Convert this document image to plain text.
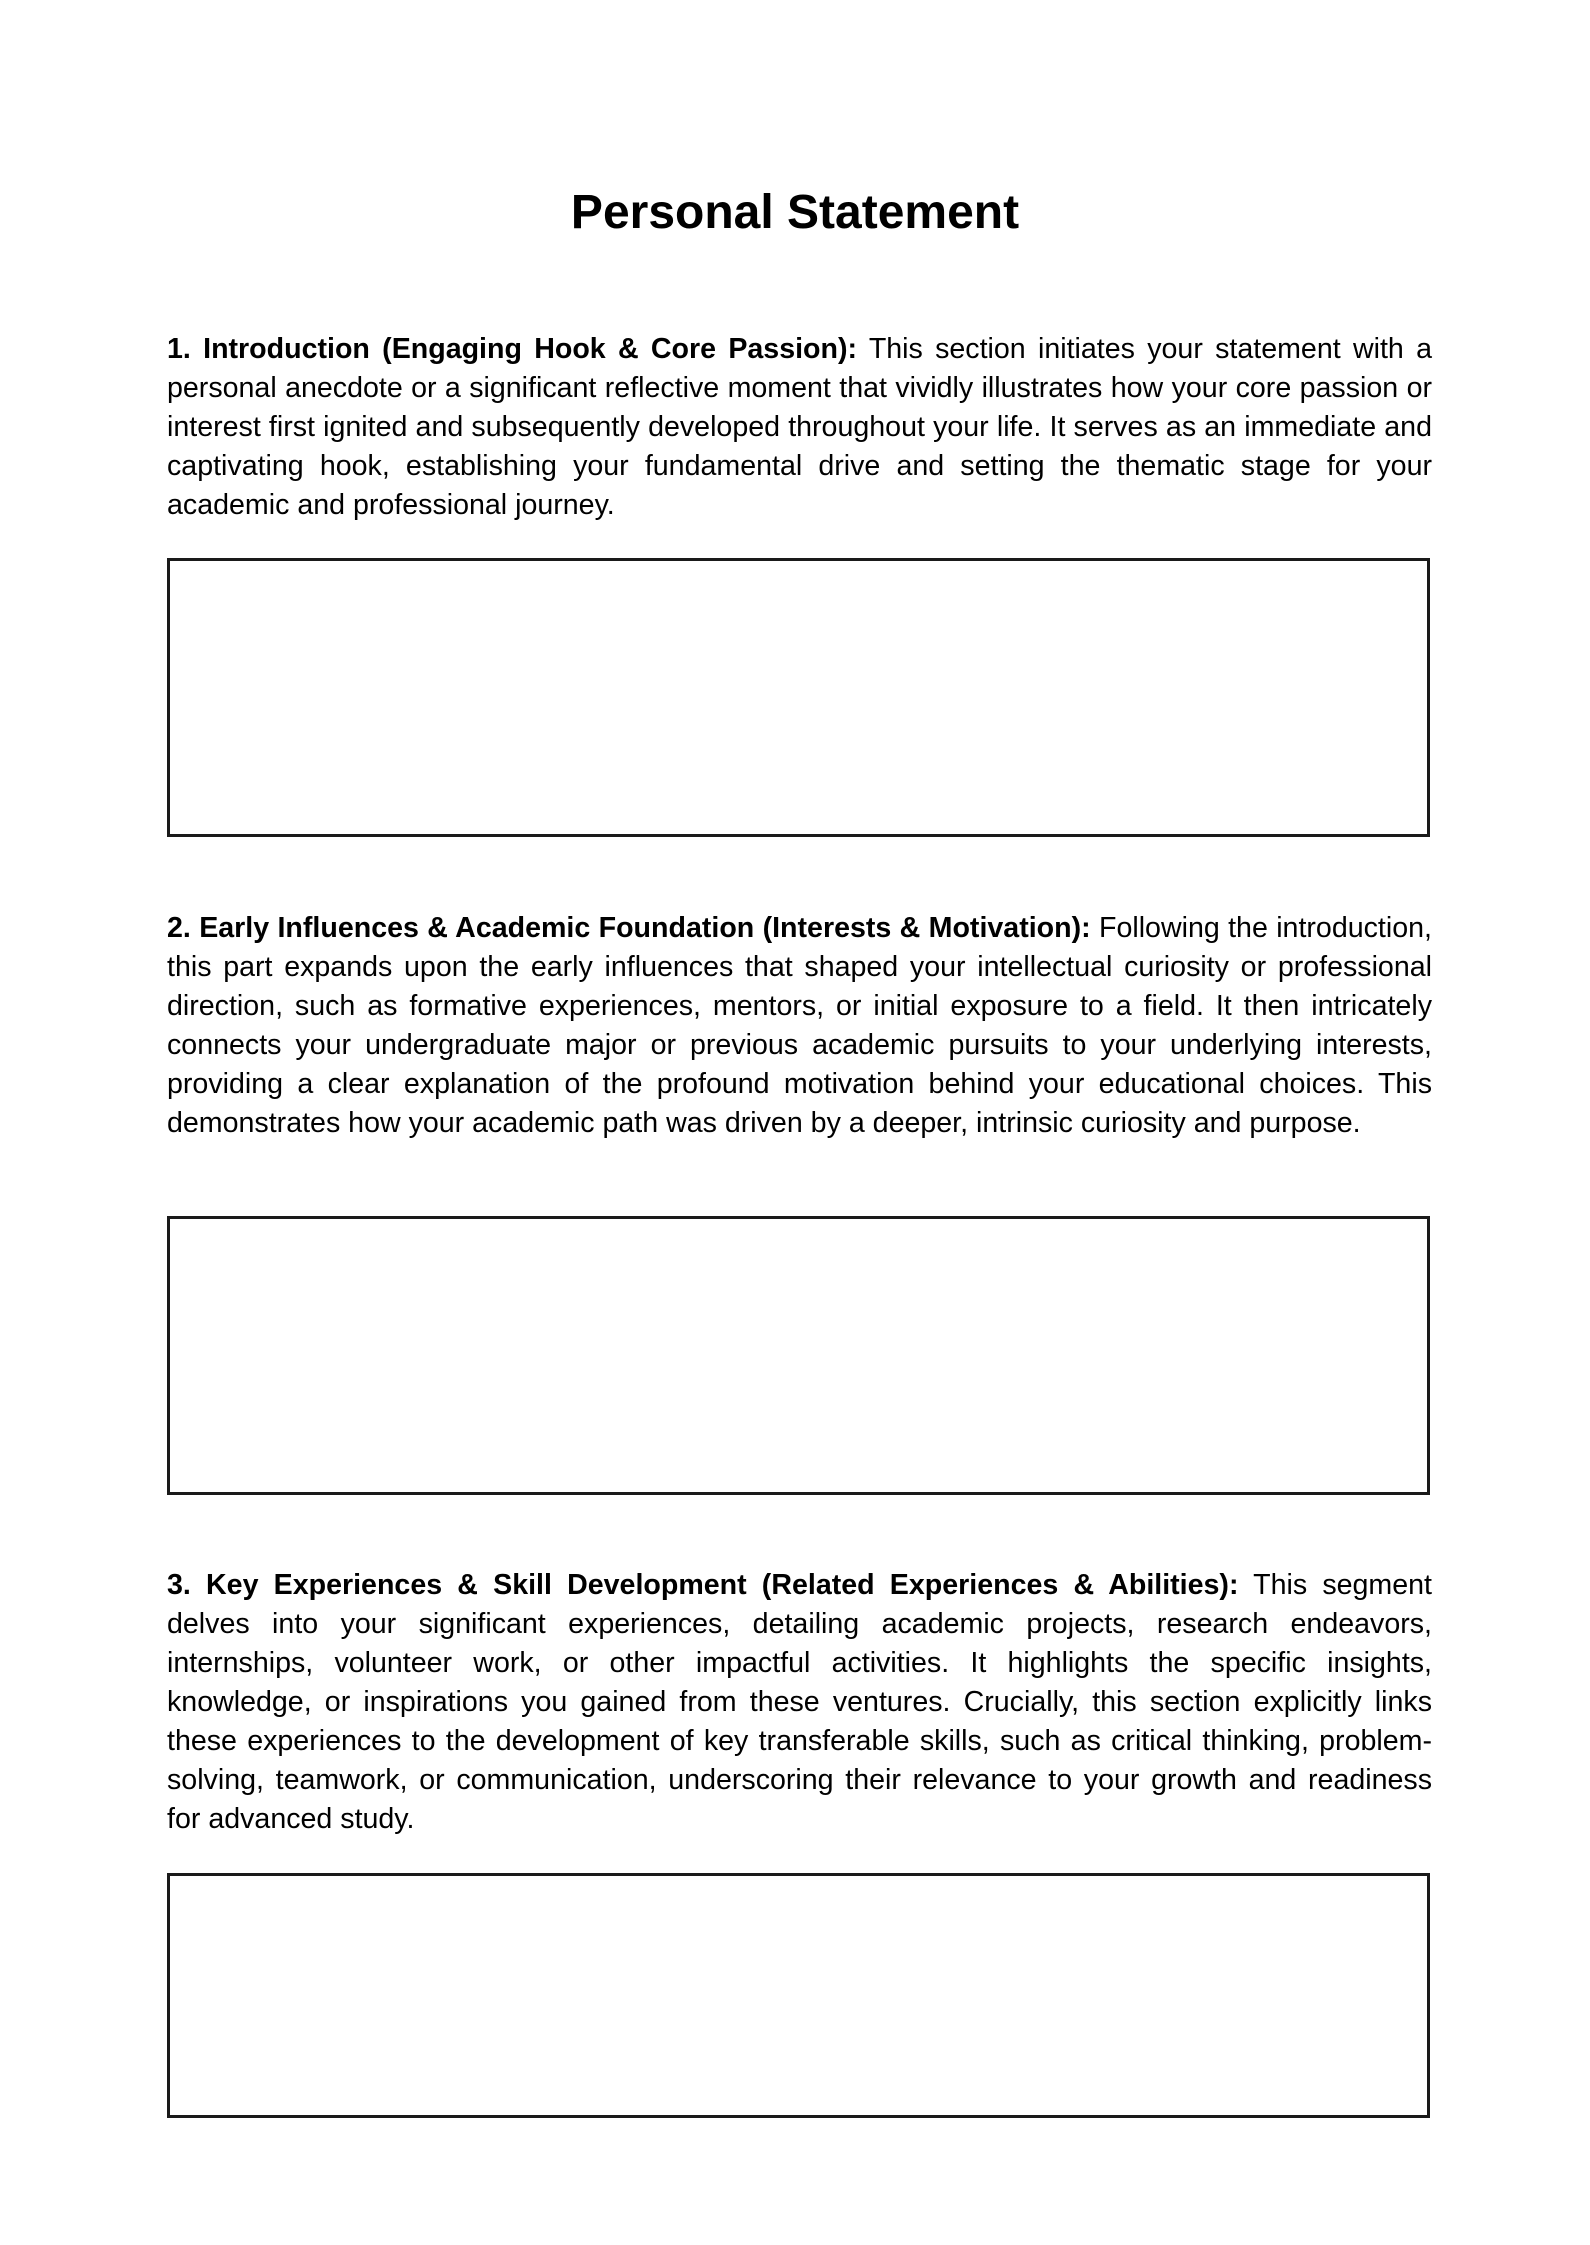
Personal Statement

1. Introduction (Engaging Hook & Core Passion): This section initiates your statement with a personal anecdote or a significant reflective moment that vividly illustrates how your core passion or interest first ignited and subsequently developed throughout your life. It serves as an immediate and captivating hook, establishing your fundamental drive and setting the thematic stage for your academic and professional journey.

2. Early Influences & Academic Foundation (Interests & Motivation): Following the introduction, this part expands upon the early influences that shaped your intellectual curiosity or professional direction, such as formative experiences, mentors, or initial exposure to a field. It then intricately connects your undergraduate major or previous academic pursuits to your underlying interests, providing a clear explanation of the profound motivation behind your educational choices. This demonstrates how your academic path was driven by a deeper, intrinsic curiosity and purpose.

3. Key Experiences & Skill Development (Related Experiences & Abilities): This segment delves into your significant experiences, detailing academic projects, research endeavors, internships, volunteer work, or other impactful activities. It highlights the specific insights, knowledge, or inspirations you gained from these ventures. Crucially, this section explicitly links these experiences to the development of key transferable skills, such as critical thinking, problem-solving, teamwork, or communication, underscoring their relevance to your growth and readiness for advanced study.
